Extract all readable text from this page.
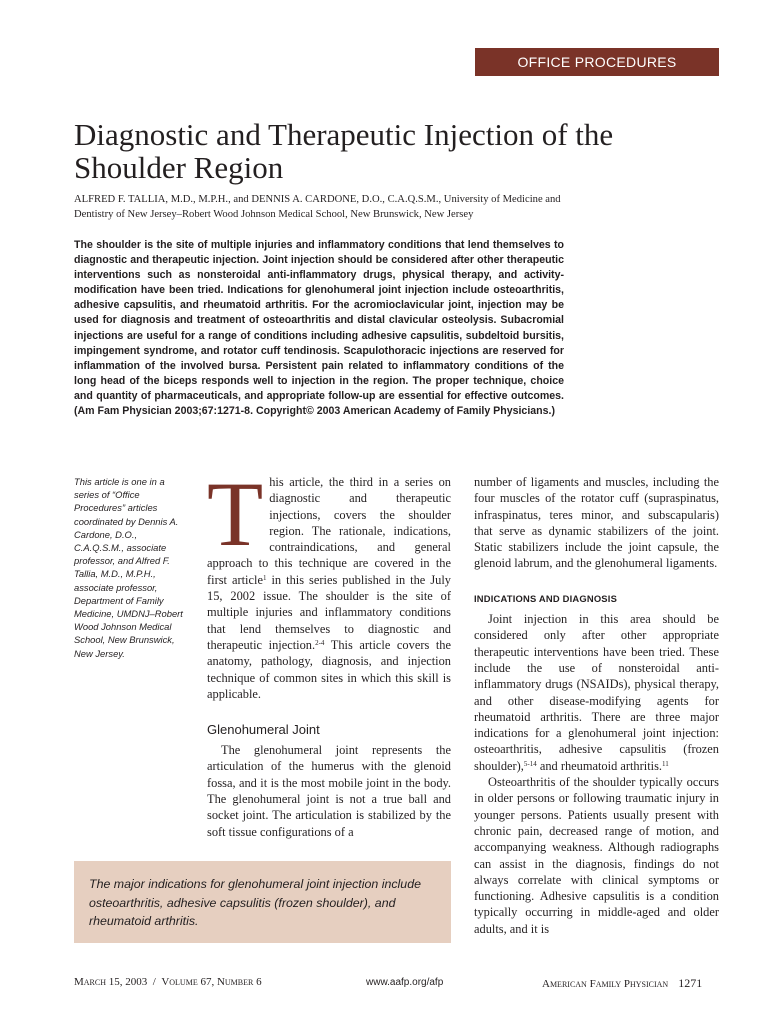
OFFICE PROCEDURES
Diagnostic and Therapeutic Injection of the Shoulder Region

ALFRED F. TALLIA, M.D., M.P.H., and DENNIS A. CARDONE, D.O., C.A.Q.S.M., University of Medicine and Dentistry of New Jersey–Robert Wood Johnson Medical School, New Brunswick, New Jersey

The shoulder is the site of multiple injuries and inflammatory conditions that lend themselves to diagnostic and therapeutic injection. Joint injection should be considered after other therapeutic interventions such as nonsteroidal anti-inflammatory drugs, physical therapy, and activity-modification have been tried. Indications for glenohumeral joint injection include osteoarthritis, adhesive capsulitis, and rheumatoid arthritis. For the acromioclavicular joint, injection may be used for diagnosis and treatment of osteoarthritis and distal clavicular osteolysis. Subacromial injections are useful for a range of conditions including adhesive capsulitis, subdeltoid bursitis, impingement syndrome, and rotator cuff tendinosis. Scapulothoracic injections are reserved for inflammation of the involved bursa. Persistent pain related to inflammatory conditions of the long head of the biceps responds well to injection in the region. The proper technique, choice and quantity of pharmaceuticals, and appropriate follow-up are essential for effective outcomes. (Am Fam Physician 2003;67:1271-8. Copyright© 2003 American Academy of Family Physicians.)

This article is one in a series of “Office Procedures” articles coordinated by Dennis A. Cardone, D.O., C.A.Q.S.M., associate professor, and Alfred F. Tallia, M.D., M.P.H., associate professor, Department of Family Medicine, UMDNJ–Robert Wood Johnson Medical School, New Brunswick, New Jersey.

This article, the third in a series on diagnostic and therapeutic injections, covers the shoulder region. The rationale, indications, contraindications, and general approach to this technique are covered in the first article$^1$ in this series published in the July 15, 2002 issue. The shoulder is the site of multiple injuries and inflammatory conditions that lend themselves to diagnostic and therapeutic injection.$^{2-4}$ This article covers the anatomy, pathology, diagnosis, and injection technique of common sites in which this skill is applicable.

Glenohumeral Joint

The glenohumeral joint represents the articulation of the humerus with the glenoid fossa, and it is the most mobile joint in the body. The glenohumeral joint is not a true ball and socket joint. The articulation is stabilized by the soft tissue configurations of a

number of ligaments and muscles, including the four muscles of the rotator cuff (supraspinatus, infraspinatus, teres minor, and subscapularis) that serve as dynamic stabilizers of the joint. Static stabilizers include the joint capsule, the glenoid labrum, and the glenohumeral ligaments.

INDICATIONS AND DIAGNOSIS

Joint injection in this area should be considered only after other appropriate therapeutic interventions have been tried. These include the use of nonsteroidal anti-inflammatory drugs (NSAIDs), physical therapy, and other disease-modifying agents for rheumatoid arthritis. There are three major indications for a glenohumeral joint injection: osteoarthritis, adhesive capsulitis (frozen shoulder),$^{5-14}$ and rheumatoid arthritis.$^{11}$

Osteoarthritis of the shoulder typically occurs in older persons or following traumatic injury in younger persons. Patients usually present with chronic pain, decreased range of motion, and accompanying weakness. Although radiographs can assist in the diagnosis, findings do not always correlate with clinical symptoms or functioning. Adhesive capsulitis is a condition typically occurring in middle-aged and older adults, and it is

The major indications for glenohumeral joint injection include osteoarthritis, adhesive capsulitis (frozen shoulder), and rheumatoid arthritis.

March 15, 2003 / Volume 67, Number 6	www.aafp.org/afp	American Family Physician 1271
